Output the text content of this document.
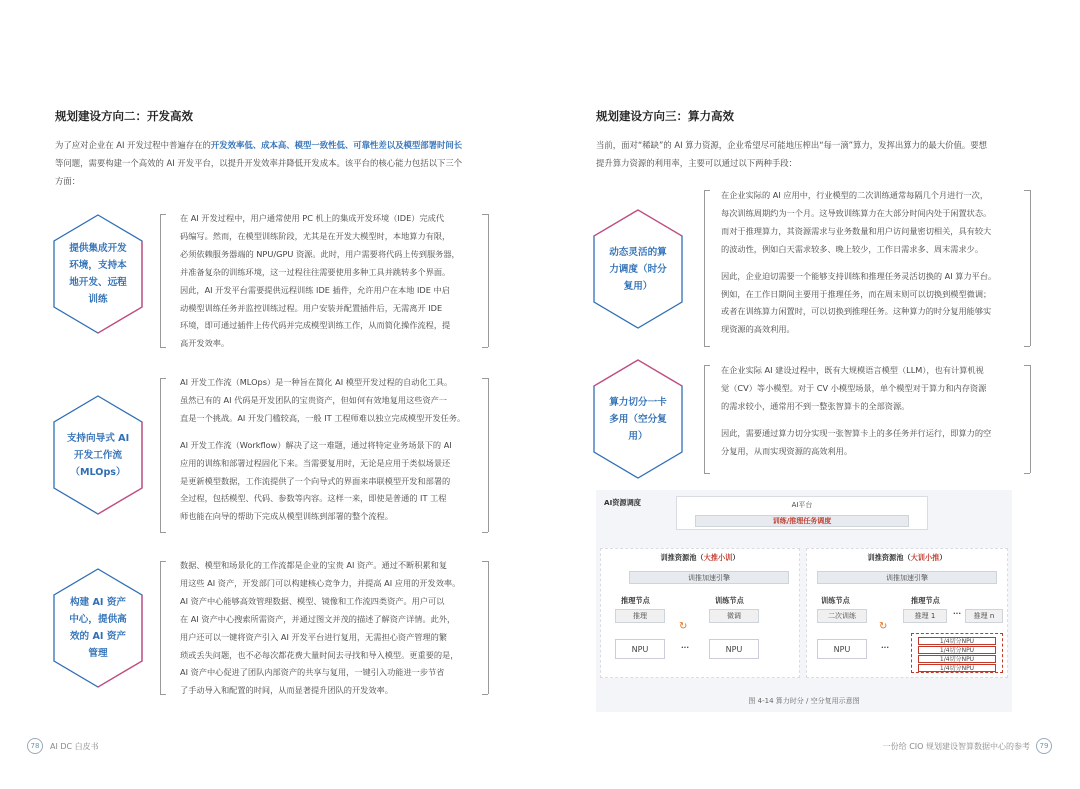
规划建设方向二：开发高效
为了应对企业在 AI 开发过程中普遍存在的开发效率低、成本高、模型一致性低、可靠性差以及模型部署时间长
等问题，需要构建一个高效的 AI 开发平台，以提升开发效率并降低开发成本。该平台的核心能力包括以下三个
方面：
提供集成开发环境，支持本地开发、远程训练
在 AI 开发过程中，用户通常使用 PC 机上的集成开发环境（IDE）完成代
码编写。然而，在模型训练阶段，尤其是在开发大模型时，本地算力有限，
必须依赖服务器端的 NPU/GPU 资源。此时，用户需要将代码上传到服务器，
并准备复杂的训练环境，这一过程往往需要使用多种工具并跳转多个界面。
因此，AI 开发平台需要提供远程训练 IDE 插件，允许用户在本地 IDE 中启
动模型训练任务并监控训练过程。用户安装并配置插件后，无需离开 IDE
环境，即可通过插件上传代码并完成模型训练工作，从而简化操作流程，提
高开发效率。
支持向导式 AI 开发工作流（MLOps）
AI 开发工作流（MLOps）是一种旨在简化 AI 模型开发过程的自动化工具。
虽然已有的 AI 代码是开发团队的宝贵资产，但如何有效地复用这些资产一
直是一个挑战。AI 开发门槛较高，一般 IT 工程师难以独立完成模型开发任务。
AI 开发工作流（Workflow）解决了这一难题，通过将特定业务场景下的 AI
应用的训练和部署过程固化下来。当需要复用时，无论是应用于类似场景还
是更新模型数据，工作流提供了一个向导式的界面来串联模型开发和部署的
全过程，包括模型、代码、参数等内容。这样一来，即使是普通的 IT 工程
师也能在向导的帮助下完成从模型训练到部署的整个流程。
构建 AI 资产中心，提供高效的 AI 资产管理
数据、模型和场景化的工作流都是企业的宝贵 AI 资产。通过不断积累和复
用这些 AI 资产，开发部门可以构建核心竞争力，并提高 AI 应用的开发效率。
AI 资产中心能够高效管理数据、模型、镜像和工作流四类资产。用户可以
在 AI 资产中心搜索所需资产，并通过图文并茂的描述了解资产详情。此外，
用户还可以一键将资产引入 AI 开发平台进行复用，无需担心资产管理的繁
琐或丢失问题，也不必每次都花费大量时间去寻找和导入模型。更重要的是，
AI 资产中心促进了团队内部资产的共享与复用，一键引入功能进一步节省
了手动导入和配置的时间，从而显著提升团队的开发效率。
78	AI DC 白皮书
规划建设方向三：算力高效
当前，面对“稀缺”的 AI 算力资源，企业希望尽可能地压榨出“每一滴”算力，发挥出算力的最大价值。要想
提升算力资源的利用率，主要可以通过以下两种手段：
动态灵活的算力调度（时分复用）
在企业实际的 AI 应用中，行业模型的二次训练通常每隔几个月进行一次，
每次训练周期约为一个月。这导致训练算力在大部分时间内处于闲置状态。
而对于推理算力，其资源需求与业务数量和用户访问量密切相关，具有较大
的波动性，例如白天需求较多、晚上较少，工作日需求多、周末需求少。
因此，企业迫切需要一个能够支持训练和推理任务灵活切换的 AI 算力平台。
例如，在工作日期间主要用于推理任务，而在周末则可以切换到模型微调；
或者在训练算力闲置时，可以切换到推理任务。这种算力的时分复用能够实
现资源的高效利用。
算力切分一卡多用（空分复用）
在企业实际 AI 建设过程中，既有大规模语言模型（LLM），也有计算机视
觉（CV）等小模型。对于 CV 小模型场景，单个模型对于算力和内存资源
的需求较小，通常用不到一整张智算卡的全部资源。
因此，需要通过算力切分实现一张智算卡上的多任务并行运行，即算力的空
分复用，从而实现资源的高效利用。
AI资源调度	AI平台
训练/推理任务调度
训推资源池（大推小训）
训推加速引擎
推理节点	训练节点
推理	微调
↻
NPU	···	NPU
训推资源池（大训小推）
训推加速引擎
训练节点	推理节点
二次训练	推理 1	···	推理 n
↻
NPU	···
1/4切分NPU
1/4切分NPU
1/4切分NPU
1/4切分NPU
图 4-14 算力时分 / 空分复用示意图
一份给 CIO 规划建设智算数据中心的参考	79
